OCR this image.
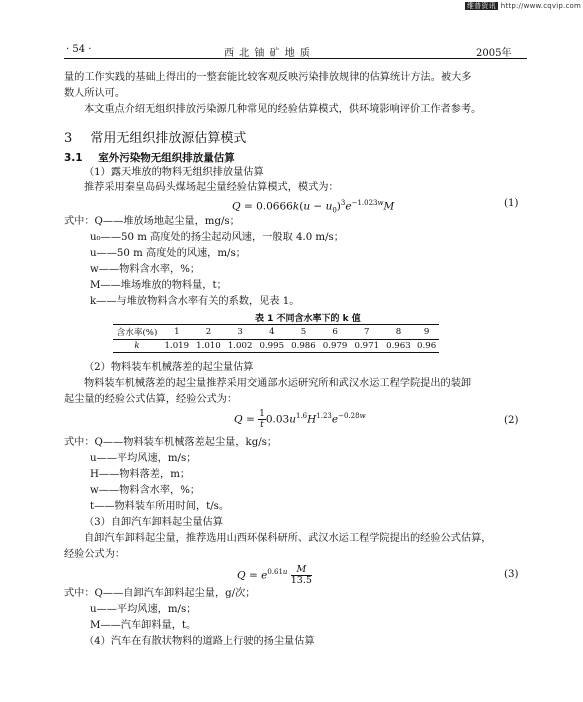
维普资讯 http://www.cqvip.com
· 54 ·	西 北 铀 矿 地 质	2005年
量的工作实践的基础上得出的一整套能比较客观反映污染排放规律的估算统计方法。被大多
数人所认可。
本文重点介绍无组织排放污染源几种常见的经验估算模式，供环境影响评价工作者参考。
3 常用无组织排放源估算模式
3.1 室外污染物无组织排放量估算
（1）露天堆放的物料无组织排放量估算
推荐采用秦皇岛码头煤场起尘量经验估算模式，模式为：
$Q = 0.0666k(u - u_0)^3e^{-1.023w}M$	(1)
式中：Q——堆放场地起尘量，mg/s；
u₀——50 m 高度处的扬尘起动风速，一般取 4.0 m/s；
u——50 m 高度处的风速，m/s；
w——物料含水率，%；
M——堆场堆放的物料量，t；
k——与堆放物料含水率有关的系数，见表 1。
表 1 不同含水率下的 k 值
含水率(%)	1	2	3	4	5	6	7	8	9
k	1.019	1.010	1.002	0.995	0.986	0.979	0.971	0.963	0.96
（2）物料装车机械落差的起尘量估算
物料装车机械落差的起尘量推荐采用交通部水运研究所和武汉水运工程学院提出的装卸
起尘量的经验公式估算，经验公式为：
$Q = \frac{1}{t} 0.03u^{1.6}H^{1.23}e^{-0.28w}$	(2)
式中：Q——物料装车机械落差起尘量，kg/s；
u——平均风速，m/s；
H——物料落差，m；
w——物料含水率，%；
t——物料装车所用时间，t/s。
（3）自卸汽车卸料起尘量估算
自卸汽车卸料起尘量，推荐选用山西环保科研所、武汉水运工程学院提出的经验公式估算，
经验公式为：
$Q = e^{0.61u} \frac{M}{13.5}$	(3)
式中：Q——自卸汽车卸料起尘量，g/次；
u——平均风速，m/s；
M——汽车卸料量，t。
（4）汽车在有散状物料的道路上行驶的扬尘量估算
